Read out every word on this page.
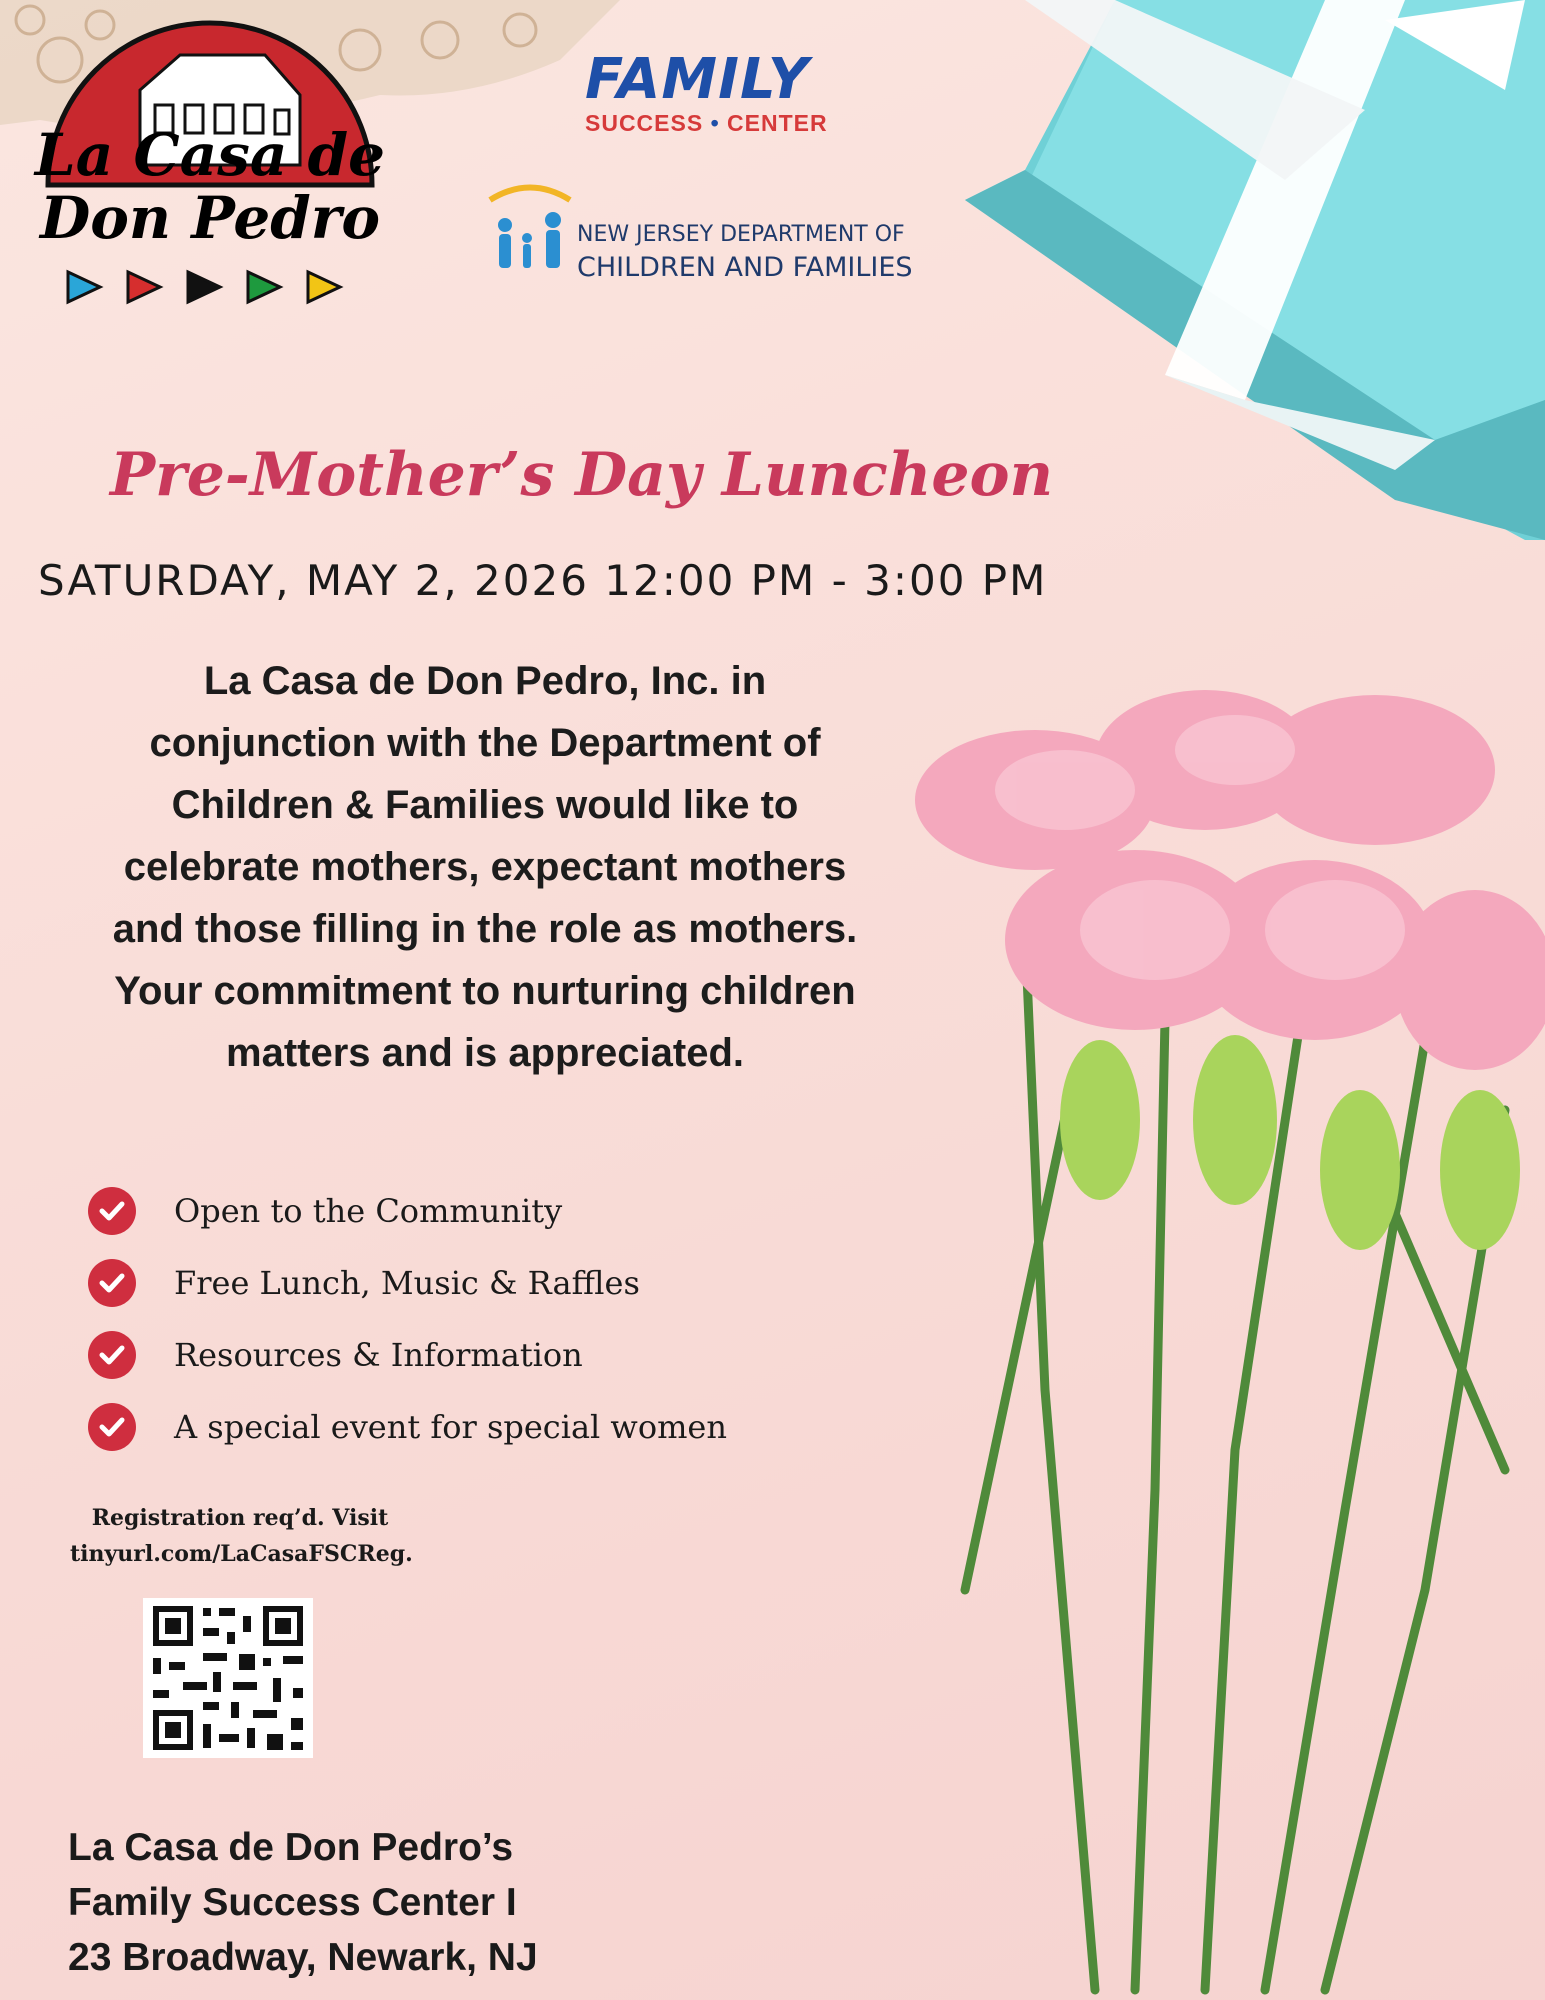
La Casa de
Don Pedro
FAMILY
SUCCESS • CENTER
NEW JERSEY DEPARTMENT OF
CHILDREN AND FAMILIES
Pre-Mother’s Day Luncheon
SATURDAY, MAY 2, 2026 12:00 PM - 3:00 PM
La Casa de Don Pedro, Inc. in
conjunction with the Department of
Children & Families would like to
celebrate mothers, expectant mothers
and those filling in the role as mothers.
Your commitment to nurturing children
matters and is appreciated.
Open to the Community
Free Lunch, Music & Raffles
Resources & Information
A special event for special women
Registration req’d. Visit
tinyurl.com/LaCasaFSCReg.
La Casa de Don Pedro’s
Family Success Center I
23 Broadway, Newark, NJ
